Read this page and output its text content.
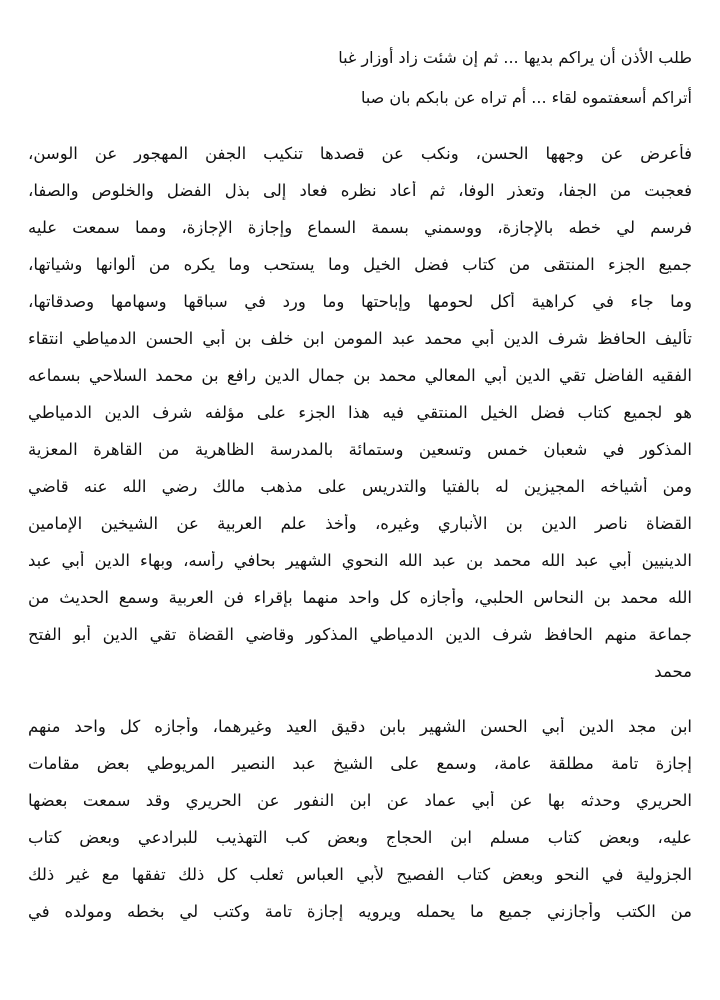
طلب الأذن أن يراكم بديها ... ثم إن شئت زاد أوزار غبا
أتراكم أسعفتموه لقاء ... أم تراه عن بابكم بان صبا
فأعرض عن وجهها الحسن، ونكب عن قصدها تنكيب الجفن المهجور عن الوسن،
فعجبت من الجفا، وتعذر الوفا، ثم أعاد نظره فعاد إلى بذل الفضل والخلوص والصفا،
فرسم لي خطه بالإجازة، ووسمني بسمة السماع وإجازة الإجازة، ومما سمعت عليه
جميع الجزء المنتقى من كتاب فضل الخيل وما يستحب وما يكره من ألوانها وشياتها،
وما جاء في كراهية أكل لحومها وإباحتها وما ورد في سباقها وسهامها وصدقاتها،
تأليف الحافظ شرف الدين أبي محمد عبد المومن ابن خلف بن أبي الحسن الدمياطي انتقاء
الفقيه الفاضل تقي الدين أبي المعالي محمد بن جمال الدين رافع بن محمد السلاحي بسماعه
هو لجميع كتاب فضل الخيل المنتقي فيه هذا الجزء على مؤلفه شرف الدين الدمياطي
المذكور في شعبان خمس وتسعين وستمائة بالمدرسة الظاهرية من القاهرة المعزية
ومن أشياخه المجيزين له بالفتيا والتدريس على مذهب مالك رضي الله عنه قاضي
القضاة ناصر الدين بن الأنباري وغيره، وأخذ علم العربية عن الشيخين الإمامين
الدينيين أبي عبد الله محمد بن عبد الله النحوي الشهير بحافي رأسه، وبهاء الدين أبي عبد
الله محمد بن النحاس الحلبي، وأجازه كل واحد منهما بإقراء فن العربية وسمع الحديث من
جماعة منهم الحافظ شرف الدين الدمياطي المذكور وقاضي القضاة تقي الدين أبو الفتح
محمد
ابن مجد الدين أبي الحسن الشهير بابن دقيق العيد وغيرهما، وأجازه كل واحد منهم
إجازة تامة مطلقة عامة، وسمع على الشيخ عبد النصير المريوطي بعض مقامات
الحريري وحدثه بها عن أبي عماد عن ابن النفور عن الحريري وقد سمعت بعضها
عليه، وبعض كتاب مسلم ابن الحجاج وبعض كب التهذيب للبرادعي وبعض كتاب
الجزولية في النحو وبعض كتاب الفصيح لأبي العباس ثعلب كل ذلك تفقها مع غير ذلك
من الكتب وأجازني جميع ما يحمله ويرويه إجازة تامة وكتب لي بخطه ومولده في
